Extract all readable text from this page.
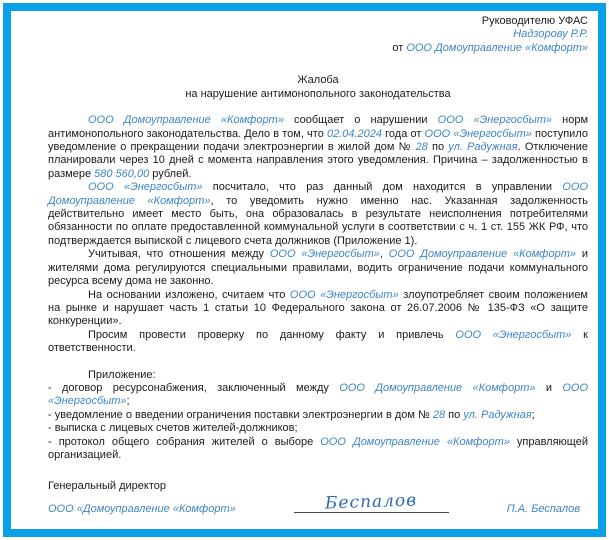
Руководителю УФАС
Надзорову Р.Р.
от ООО Домоуправление «Комфорт»
Жалоба
на нарушение антимонопольного законодательства

ООО Домоуправление «Комфорт» сообщает о нарушении ООО «Энергосбыт» норм антимонопольного законодательства. Дело в том, что 02.04.2024 года от ООО «Энергосбыт» поступило уведомление о прекращении подачи электроэнергии в жилой дом № 28 по ул. Радужная. Отключение планировали через 10 дней с момента направления этого уведомления. Причина – задолженностью в размере 580 560,00 рублей.

ООО «Энергосбыт» посчитало, что раз данный дом находится в управлении ООО Домоуправление «Комфорт», то уведомить нужно именно нас. Указанная задолженность действительно имеет место быть, она образовалась в результате неисполнения потребителями обязанности по оплате предоставленной коммунальной услуги в соответствии с ч. 1 ст. 155 ЖК РФ, что подтверждается выпиской с лицевого счета должников (Приложение 1).

Учитывая, что отношения между ООО «Энергосбыт», ООО Домоуправление «Комфорт» и жителями дома регулируются специальными правилами, водить ограничение подачи коммунального ресурса всему дома не законно.

На основании изложено, считаем что ООО «Энергосбыт» злоупотребляет своим положением на рынке и нарушает часть 1 статьи 10 Федерального закона от 26.07.2006 № 135-ФЗ «О защите конкуренции».

Просим провести проверку по данному факту и привлечь ООО «Энергосбыт» к ответственности.

Приложение:

- договор ресурсонабжения, заключенный между ООО Домоуправление «Комфорт» и ООО «Энергосбыт»;

- уведомление о введении ограничения поставки электроэнергии в дом № 28 по ул. Радужная;

- выписка с лицевых счетов жителей-должников;

- протокол общего собрания жителей о выборе ООО Домоуправление «Комфорт» управляющей организацией.

Генеральный директор
ООО «Домоуправление «Комфорт»	Беспалов	П.А. Беспалов
